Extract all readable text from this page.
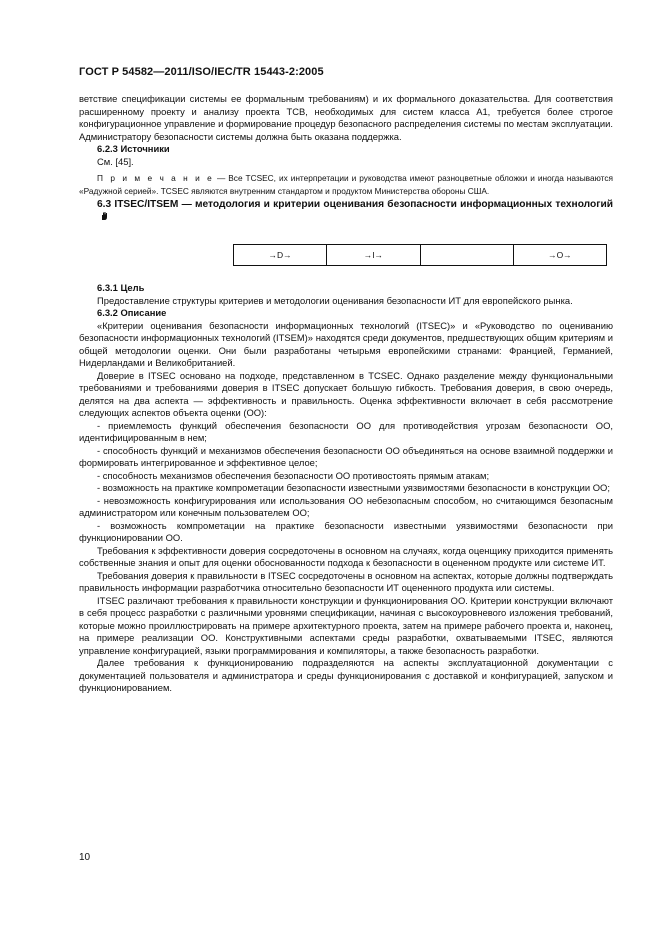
ГОСТ Р 54582—2011/ISO/IEC/TR 15443-2:2005

ветствие спецификации системы ее формальным требованиям) и их формального доказательства. Для соответствия расширенному проекту и анализу проекта TCB, необходимых для систем класса А1, требуется более строгое конфигурационное управление и формирование процедур безопасного распределения системы по местам эксплуатации. Администратору безопасности системы должна быть оказана поддержка.

6.2.3 Источники

См. [45].

П р и м е ч а н и е — Все TCSEC, их интерпретации и руководства имеют разноцветные обложки и иногда называются «Радужной серией». TCSEC являются внутренним стандартом и продуктом Министерства обороны США.

6.3 ITSEC/ITSEM — методология и критерии оценивания безопасности информационных технологий

→D→	→I→	→O→

6.3.1 Цель

Предоставление структуры критериев и методологии оценивания безопасности ИТ для европейского рынка.

6.3.2 Описание

«Критерии оценивания безопасности информационных технологий (ITSEC)» и «Руководство по оцениванию безопасности информационных технологий (ITSEM)» находятся среди документов, предшествующих общим критериям и общей методологии оценки. Они были разработаны четырьмя европейскими странами: Францией, Германией, Нидерландами и Великобританией.

Доверие в ITSEC основано на подходе, представленном в TCSEC. Однако разделение между функциональными требованиями и требованиями доверия в ITSEC допускает большую гибкость. Требования доверия, в свою очередь, делятся на два аспекта — эффективность и правильность. Оценка эффективности включает в себя рассмотрение следующих аспектов объекта оценки (ОО):

- приемлемость функций обеспечения безопасности ОО для противодействия угрозам безопасности ОО, идентифицированным в нем;

- способность функций и механизмов обеспечения безопасности ОО объединяться на основе взаимной поддержки и формировать интегрированное и эффективное целое;

- способность механизмов обеспечения безопасности ОО противостоять прямым атакам;

- возможность на практике компрометации безопасности известными уязвимостями безопасности в конструкции ОО;

- невозможность конфигурирования или использования ОО небезопасным способом, но считающимся безопасным администратором или конечным пользователем ОО;

- возможность компрометации на практике безопасности известными уязвимостями безопасности при функционировании ОО.

Требования к эффективности доверия сосредоточены в основном на случаях, когда оценщику приходится применять собственные знания и опыт для оценки обоснованности подхода к безопасности в оцененном продукте или системе ИТ.

Требования доверия к правильности в ITSEC сосредоточены в основном на аспектах, которые должны подтверждать правильность информации разработчика относительно безопасности ИТ оцененного продукта или системы.

ITSEC различают требования к правильности конструкции и функционирования ОО. Критерии конструкции включают в себя процесс разработки с различными уровнями спецификации, начиная с высокоуровневого изложения требований, которые можно проиллюстрировать на примере архитектурного проекта, затем на примере рабочего проекта и, наконец, на примере реализации ОО. Конструктивными аспектами среды разработки, охватываемыми ITSEC, являются управление конфигурацией, языки программирования и компиляторы, а также безопасность разработки.

Далее требования к функционированию подразделяются на аспекты эксплуатационной документации с документацией пользователя и администратора и среды функционирования с доставкой и конфигурацией, запуском и функционированием.

10
